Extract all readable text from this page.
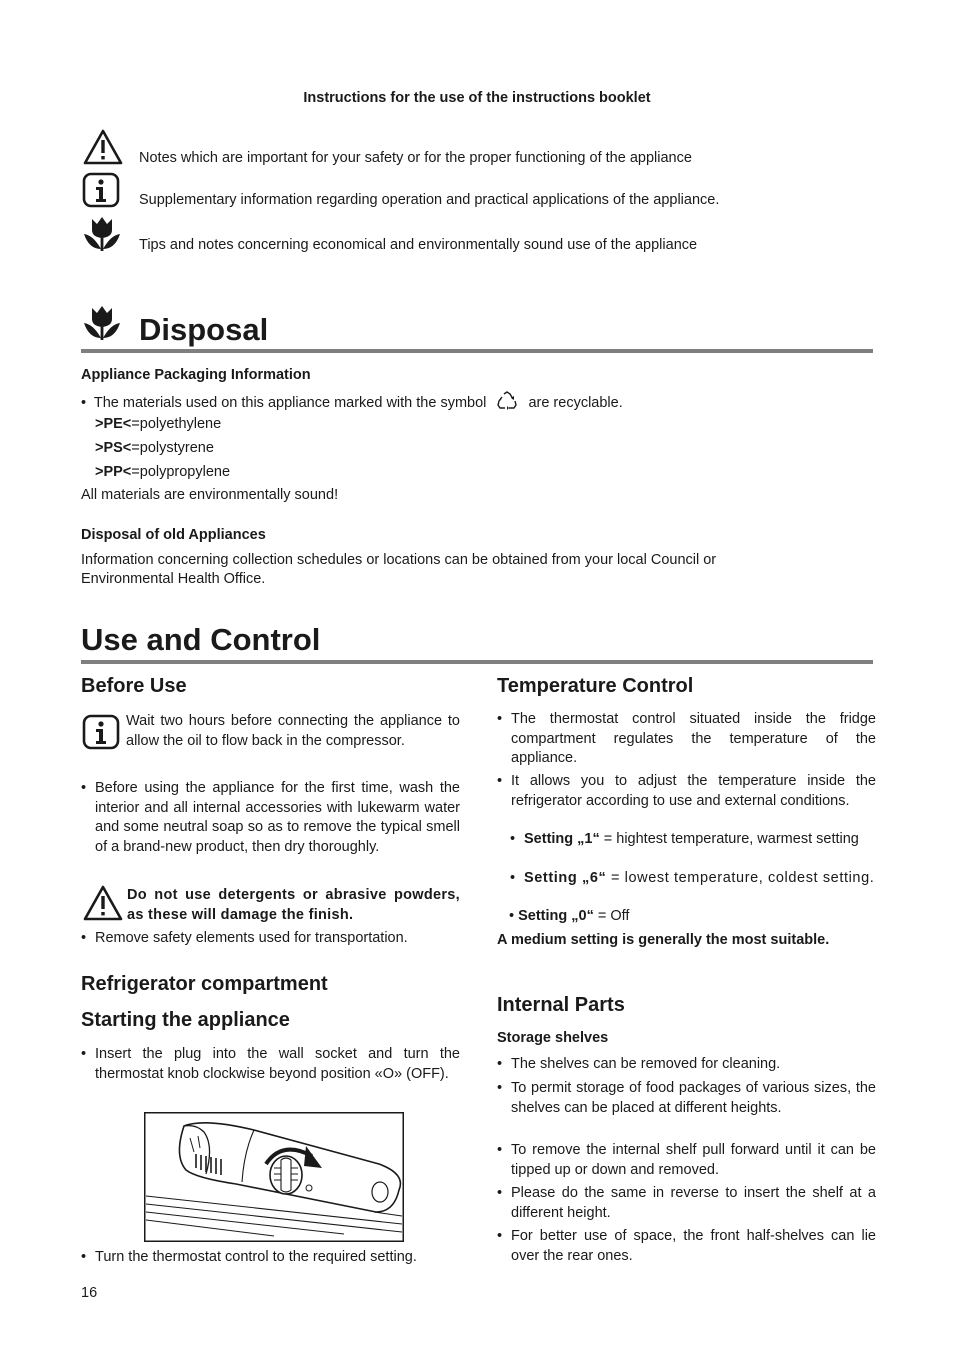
Instructions for the use of the instructions booklet
Notes which are important for your safety or for the proper functioning of the appliance
Supplementary information regarding operation and practical applications of the appliance.
Tips and notes concerning economical and environmentally sound use of the appliance
Disposal
Appliance Packaging Information
• The materials used on this appliance marked with the symbol	are recyclable.
>PE<=polyethylene
>PS<=polystyrene
>PP<=polypropylene
All materials are environmentally sound!
Disposal of old Appliances
Information concerning collection schedules or locations can be obtained from your local Council or
Environmental Health Office.
Use and Control
Before Use
Wait two hours before connecting the appliance to allow the oil to flow back in the compressor.
• Before using the appliance for the first time, wash the interior and all internal accessories with lukewarm water and some neutral soap so as to remove the typical smell of a brand-new product, then dry thoroughly.
Do not use detergents or abrasive powders, as these will damage the finish.
• Remove safety elements used for transportation.
Refrigerator compartment
Starting the appliance
• Insert the plug into the wall socket and turn the thermostat knob clockwise beyond position «O» (OFF).
• Turn the thermostat control to the required setting.
Temperature Control
• The thermostat control situated inside the fridge compartment regulates the temperature of the appliance.
• It allows you to adjust the temperature inside the refrigerator according to use and external conditions.
• Setting „1“ = hightest temperature, warmest setting
• Setting „6“ = lowest temperature, coldest setting.
• Setting „0“ = Off
A medium setting is generally the most suitable.
Internal Parts
Storage shelves
• The shelves can be removed for cleaning.
• To permit storage of food packages of various sizes, the shelves can be placed at different heights.
• To remove the internal shelf pull forward until it can be tipped up or down and removed.
• Please do the same in reverse to insert the shelf at a different height.
• For better use of space, the front half-shelves can lie over the rear ones.
16
